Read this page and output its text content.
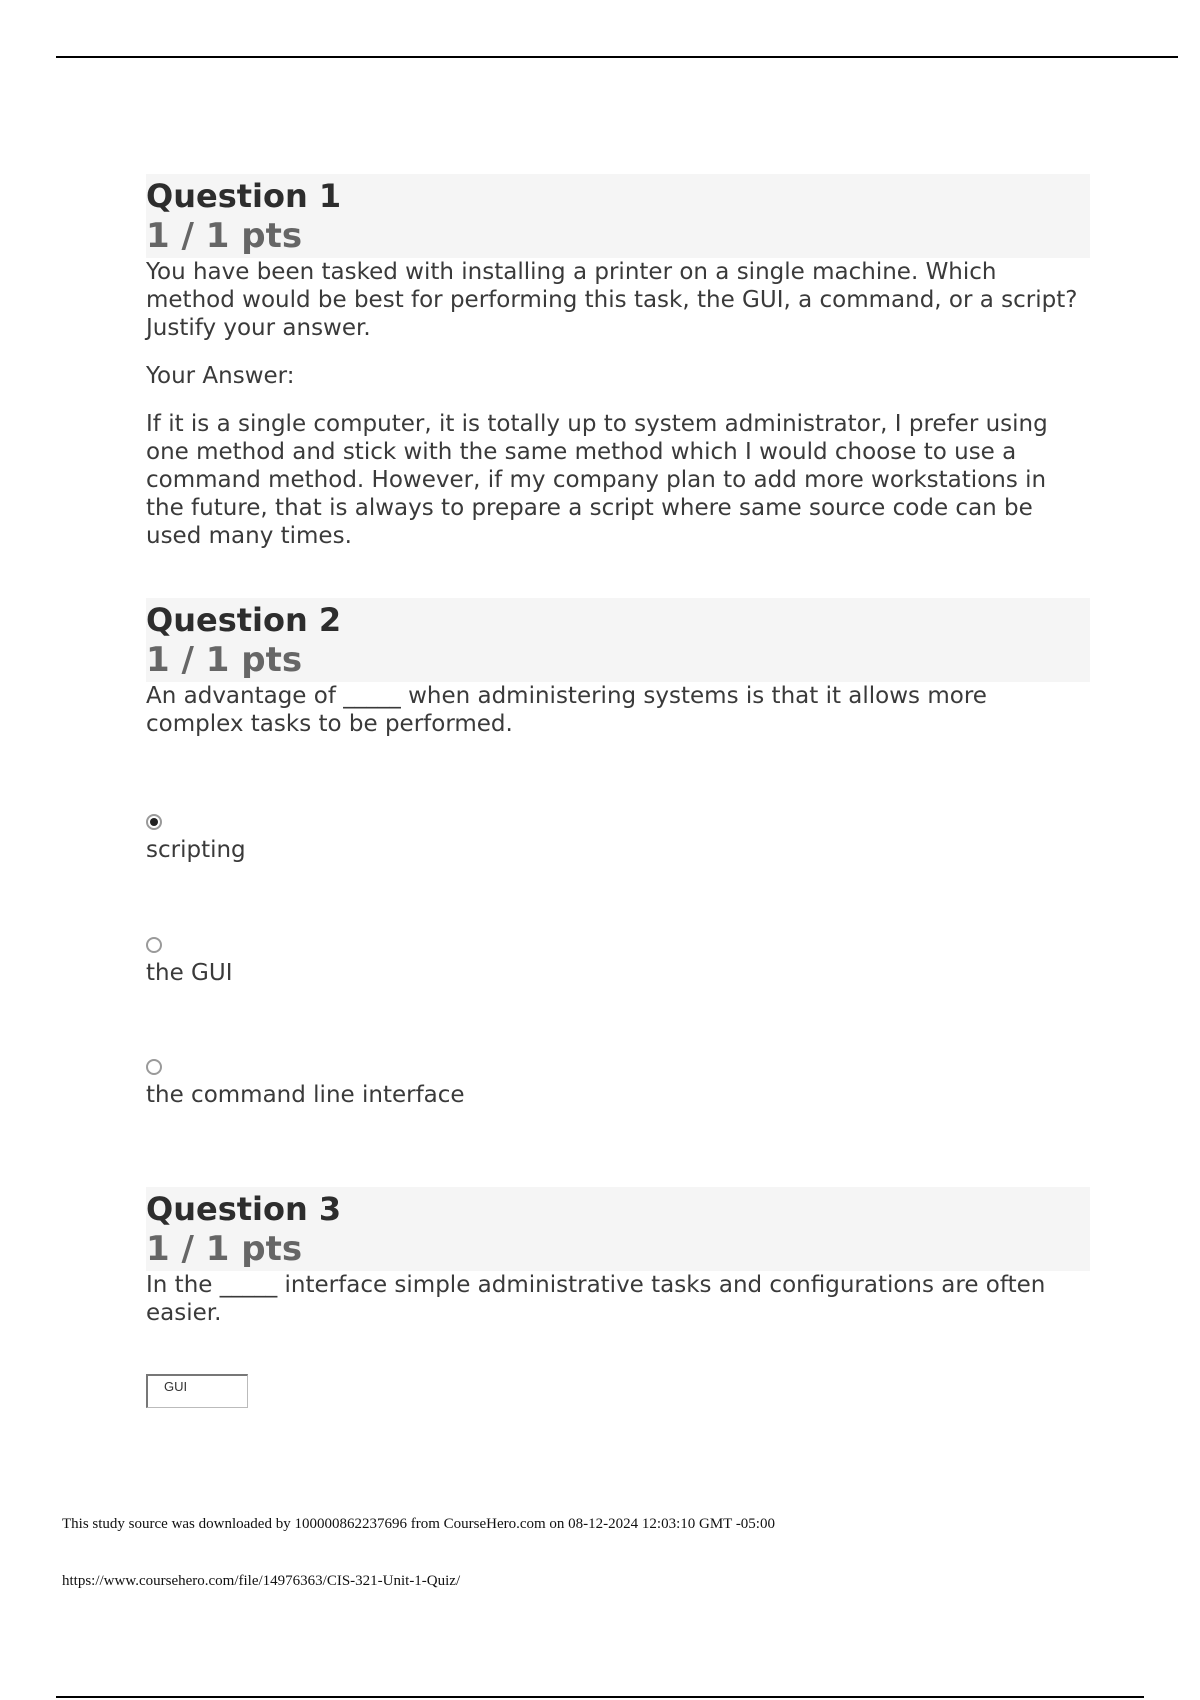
Question 1
1 / 1 pts

You have been tasked with installing a printer on a single machine. Which method would be best for performing this task, the GUI, a command, or a script? Justify your answer.

Your Answer:
If it is a single computer, it is totally up to system administrator, I prefer using one method and stick with the same method which I would choose to use a command method. However, if my company plan to add more workstations in the future, that is always to prepare a script where same source code can be used many times.
Question 2
1 / 1 pts

An advantage of _____ when administering systems is that it allows more complex tasks to be performed.

scripting
the GUI
the command line interface
Question 3
1 / 1 pts

In the _____ interface simple administrative tasks and configurations are often easier.

GUI
This study source was downloaded by 100000862237696 from CourseHero.com on 08-12-2024 12:03:10 GMT -05:00
https://www.coursehero.com/file/14976363/CIS-321-Unit-1-Quiz/
